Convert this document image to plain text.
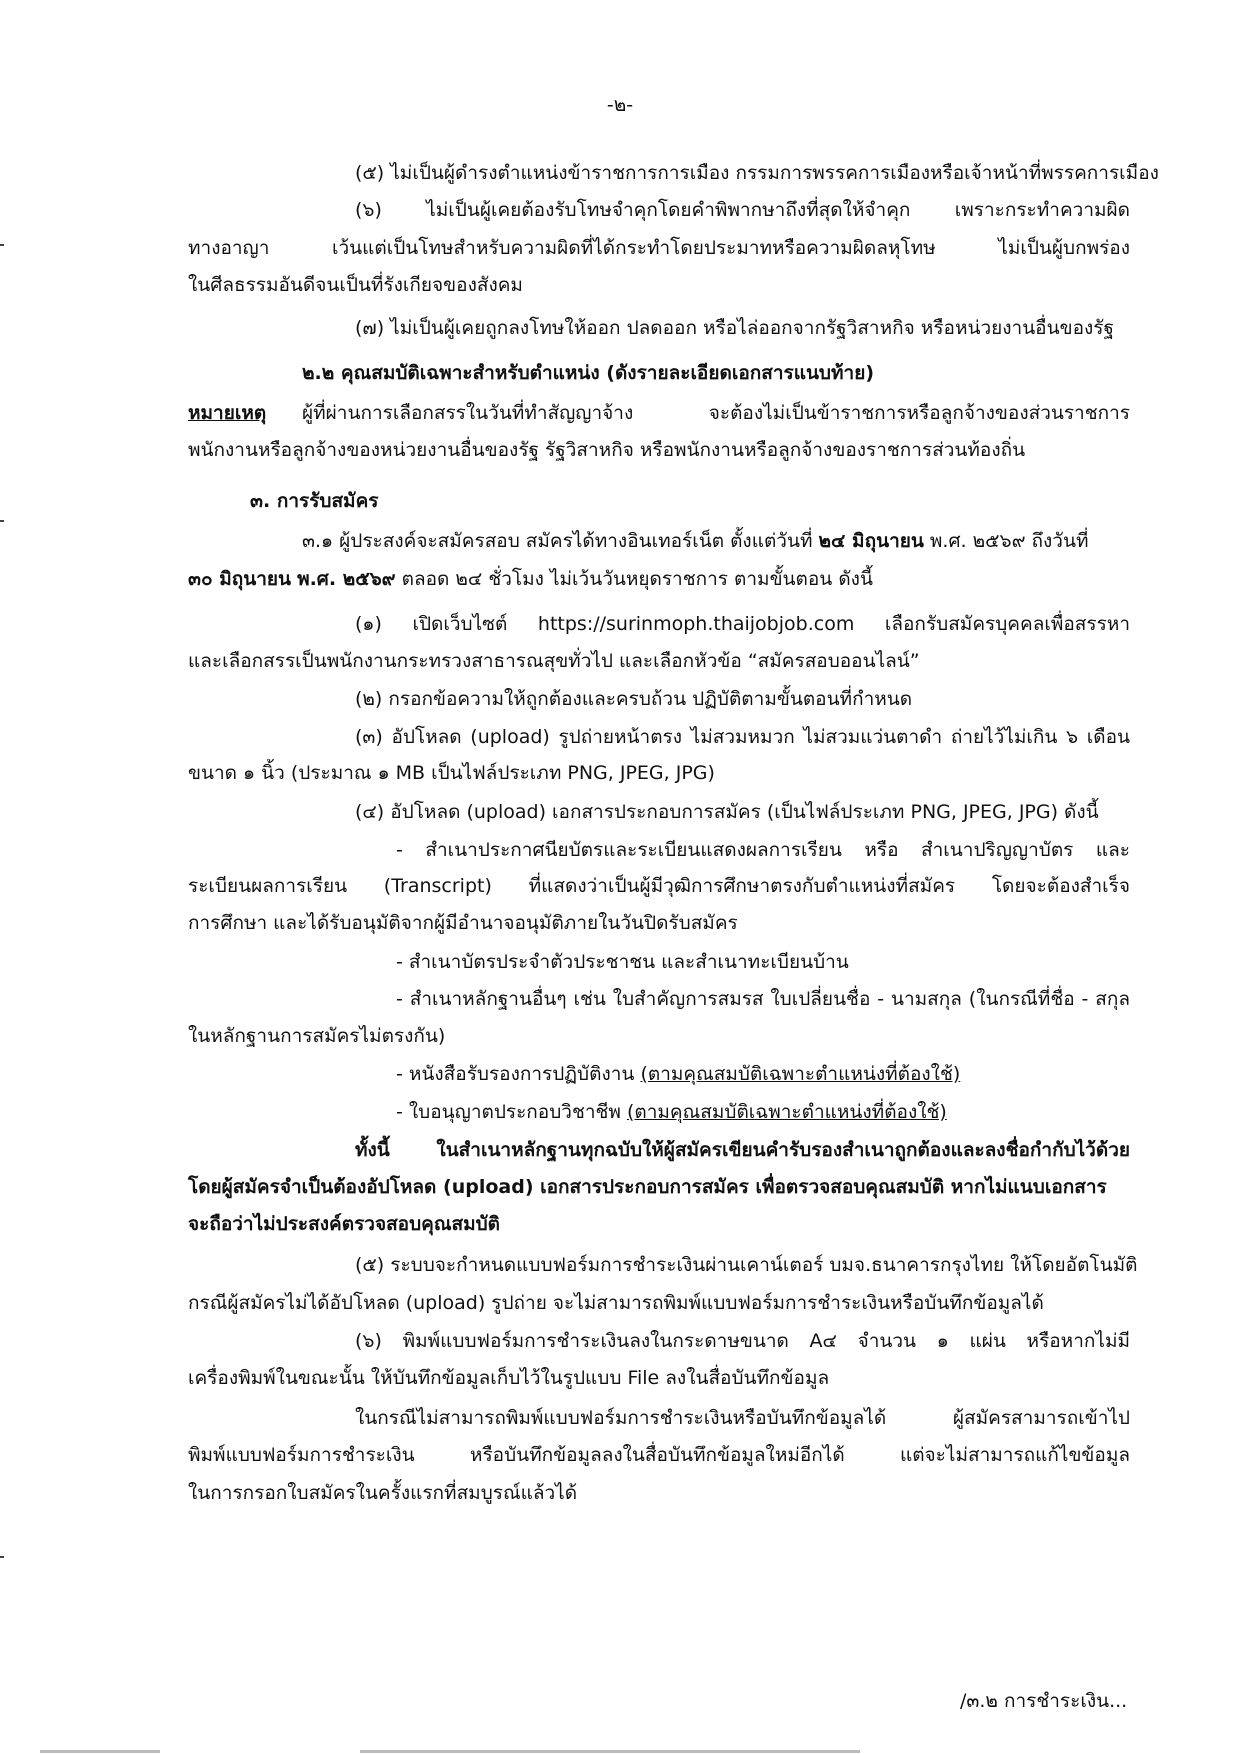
-๒-
(๕) ไม่เป็นผู้ดำรงตำแหน่งข้าราชการการเมือง กรรมการพรรคการเมืองหรือเจ้าหน้าที่พรรคการเมือง
(๖) ไม่เป็นผู้เคยต้องรับโทษจำคุกโดยคำพิพากษาถึงที่สุดให้จำคุก เพราะกระทำความผิด
ทางอาญา เว้นแต่เป็นโทษสำหรับความผิดที่ได้กระทำโดยประมาทหรือความผิดลหุโทษ ไม่เป็นผู้บกพร่อง
ในศีลธรรมอันดีจนเป็นที่รังเกียจของสังคม
(๗) ไม่เป็นผู้เคยถูกลงโทษให้ออก ปลดออก หรือไล่ออกจากรัฐวิสาหกิจ หรือหน่วยงานอื่นของรัฐ
๒.๒ คุณสมบัติเฉพาะสำหรับตำแหน่ง (ดังรายละเอียดเอกสารแนบท้าย)
หมายเหตุ	ผู้ที่ผ่านการเลือกสรรในวันที่ทำสัญญาจ้าง จะต้องไม่เป็นข้าราชการหรือลูกจ้างของส่วนราชการ
พนักงานหรือลูกจ้างของหน่วยงานอื่นของรัฐ รัฐวิสาหกิจ หรือพนักงานหรือลูกจ้างของราชการส่วนท้องถิ่น
๓. การรับสมัคร
๓.๑ ผู้ประสงค์จะสมัครสอบ สมัครได้ทางอินเทอร์เน็ต ตั้งแต่วันที่ ๒๔ มิถุนายน พ.ศ. ๒๕๖๙ ถึงวันที่
๓๐ มิถุนายน พ.ศ. ๒๕๖๙ ตลอด ๒๔ ชั่วโมง ไม่เว้นวันหยุดราชการ ตามขั้นตอน ดังนี้
(๑) เปิดเว็บไซต์ https://surinmoph.thaijobjob.com เลือกรับสมัครบุคคลเพื่อสรรหา
และเลือกสรรเป็นพนักงานกระทรวงสาธารณสุขทั่วไป และเลือกหัวข้อ “สมัครสอบออนไลน์”
(๒) กรอกข้อความให้ถูกต้องและครบถ้วน ปฏิบัติตามขั้นตอนที่กำหนด
(๓) อัปโหลด (upload) รูปถ่ายหน้าตรง ไม่สวมหมวก ไม่สวมแว่นตาดำ ถ่ายไว้ไม่เกิน ๖ เดือน
ขนาด ๑ นิ้ว (ประมาณ ๑ MB เป็นไฟล์ประเภท PNG, JPEG, JPG)
(๔) อัปโหลด (upload) เอกสารประกอบการสมัคร (เป็นไฟล์ประเภท PNG, JPEG, JPG) ดังนี้
- สำเนาประกาศนียบัตรและระเบียนแสดงผลการเรียน หรือ สำเนาปริญญาบัตร และ
ระเบียนผลการเรียน (Transcript) ที่แสดงว่าเป็นผู้มีวุฒิการศึกษาตรงกับตำแหน่งที่สมัคร โดยจะต้องสำเร็จ
การศึกษา และได้รับอนุมัติจากผู้มีอำนาจอนุมัติภายในวันปิดรับสมัคร
- สำเนาบัตรประจำตัวประชาชน และสำเนาทะเบียนบ้าน
- สำเนาหลักฐานอื่นๆ เช่น ใบสำคัญการสมรส ใบเปลี่ยนชื่อ - นามสกุล (ในกรณีที่ชื่อ - สกุล
ในหลักฐานการสมัครไม่ตรงกัน)
- หนังสือรับรองการปฏิบัติงาน (ตามคุณสมบัติเฉพาะตำแหน่งที่ต้องใช้)
- ใบอนุญาตประกอบวิชาชีพ (ตามคุณสมบัติเฉพาะตำแหน่งที่ต้องใช้)
ทั้งนี้ ในสำเนาหลักฐานทุกฉบับให้ผู้สมัครเขียนคำรับรองสำเนาถูกต้องและลงชื่อกำกับไว้ด้วย
โดยผู้สมัครจำเป็นต้องอัปโหลด (upload) เอกสารประกอบการสมัคร เพื่อตรวจสอบคุณสมบัติ หากไม่แนบเอกสาร
จะถือว่าไม่ประสงค์ตรวจสอบคุณสมบัติ
(๕) ระบบจะกำหนดแบบฟอร์มการชำระเงินผ่านเคาน์เตอร์ บมจ.ธนาคารกรุงไทย ให้โดยอัตโนมัติ
กรณีผู้สมัครไม่ได้อัปโหลด (upload) รูปถ่าย จะไม่สามารถพิมพ์แบบฟอร์มการชำระเงินหรือบันทึกข้อมูลได้
(๖) พิมพ์แบบฟอร์มการชำระเงินลงในกระดาษขนาด A๔ จำนวน ๑ แผ่น หรือหากไม่มี
เครื่องพิมพ์ในขณะนั้น ให้บันทึกข้อมูลเก็บไว้ในรูปแบบ File ลงในสื่อบันทึกข้อมูล
ในกรณีไม่สามารถพิมพ์แบบฟอร์มการชำระเงินหรือบันทึกข้อมูลได้ ผู้สมัครสามารถเข้าไป
พิมพ์แบบฟอร์มการชำระเงิน หรือบันทึกข้อมูลลงในสื่อบันทึกข้อมูลใหม่อีกได้ แต่จะไม่สามารถแก้ไขข้อมูล
ในการกรอกใบสมัครในครั้งแรกที่สมบูรณ์แล้วได้
/๓.๒ การชำระเงิน...
